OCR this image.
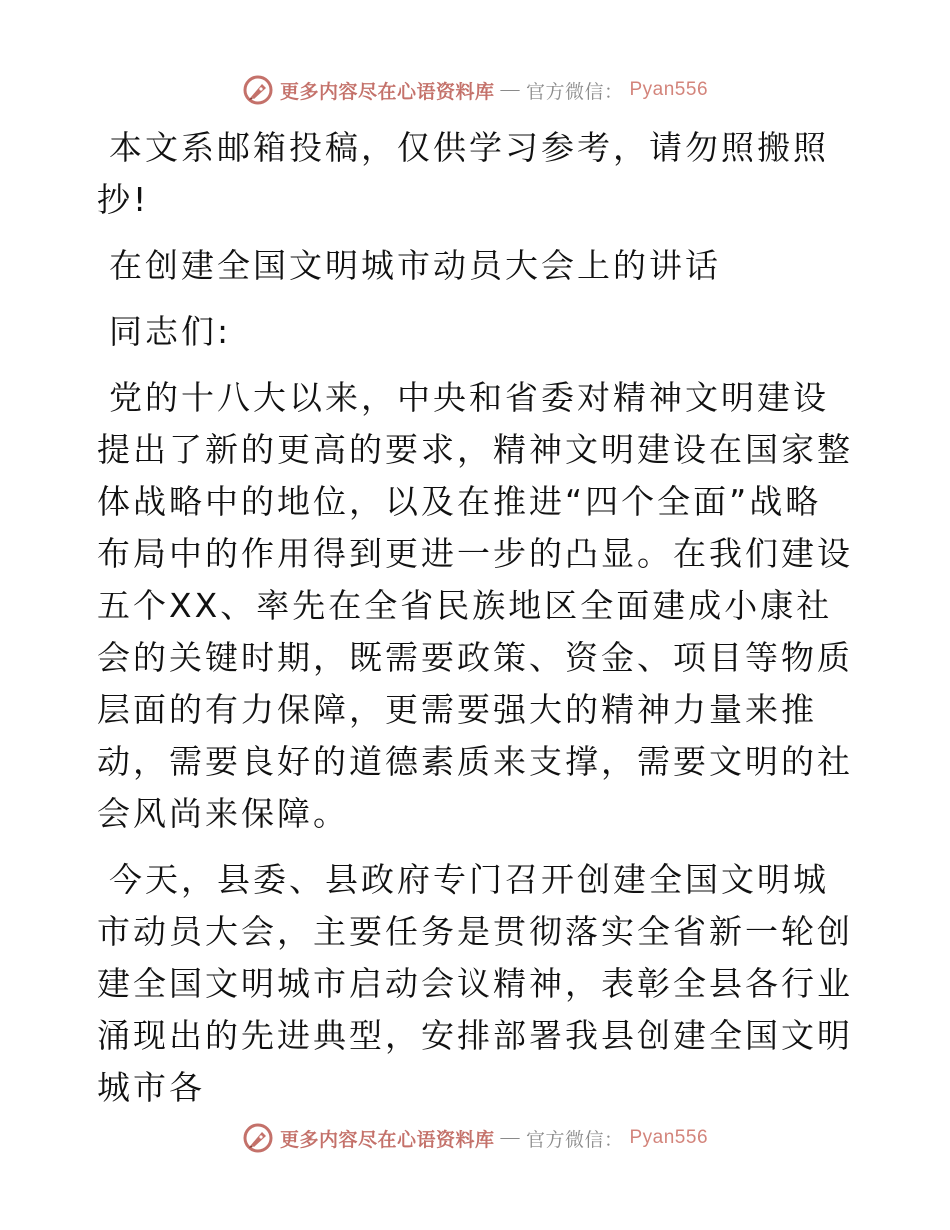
更多内容尽在心语资料库 — 官方微信： Pyan556

本文系邮箱投稿，仅供学习参考，请勿照搬照抄!

在创建全国文明城市动员大会上的讲话

同志们:

党的十八大以来，中央和省委对精神文明建设提出了新的更高的要求，精神文明建设在国家整体战略中的地位，以及在推进“四个全面”战略布局中的作用得到更进一步的凸显。在我们建设五个XX、率先在全省民族地区全面建成小康社会的关键时期，既需要政策、资金、项目等物质层面的有力保障，更需要强大的精神力量来推动，需要良好的道德素质来支撑，需要文明的社会风尚来保障。

今天，县委、县政府专门召开创建全国文明城市动员大会，主要任务是贯彻落实全省新一轮创建全国文明城市启动会议精神，表彰全县各行业涌现出的先进典型，安排部署我县创建全国文明城市各

更多内容尽在心语资料库 — 官方微信： Pyan556
